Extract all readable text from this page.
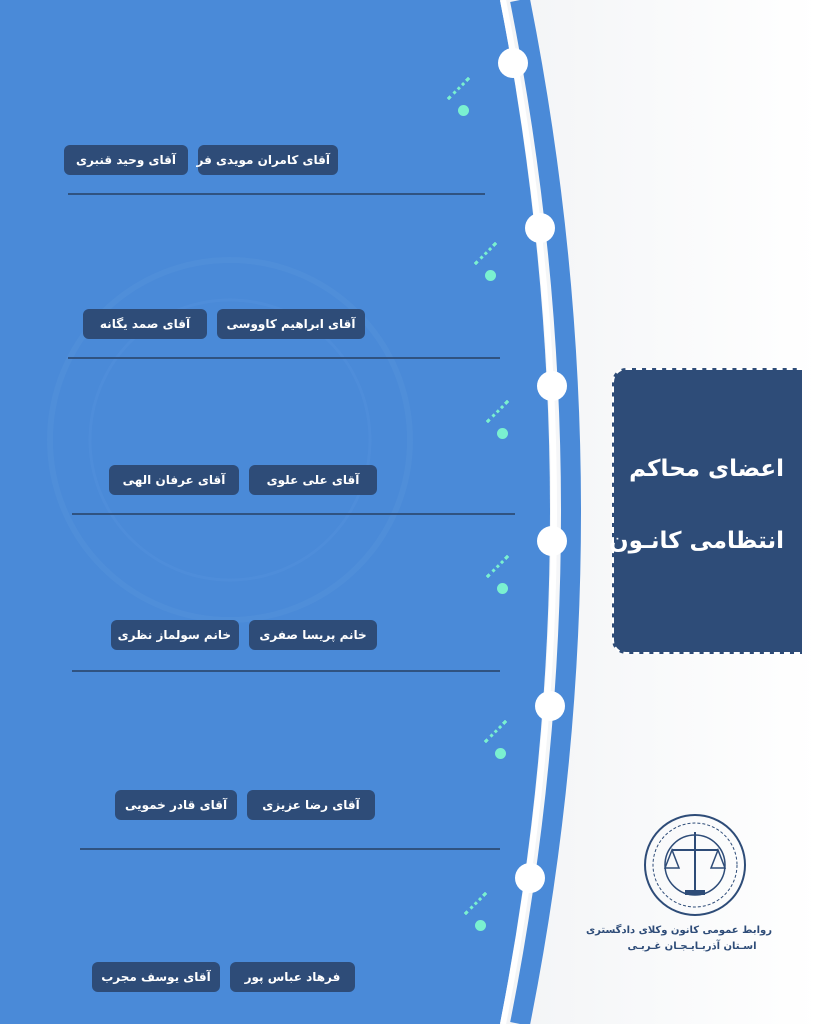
آقای کامران مویدی فر
آقای وحید قنبری
آقای ابراهیم کاووسی
آقای صمد یگانه
آقای علی علوی
آقای عرفان الهی
خانم پریسا صفری
خانم سولماز نظری
آقای رضا عزیزی
آقای قادر خمویی
فرهاد عباس پور
آقای یوسف مجرب
اعضای محاکم
انتظامی کانـون
روابط عمومی کانون وکلای دادگستری
اسـتان آذربـایـجـان غـربـی
